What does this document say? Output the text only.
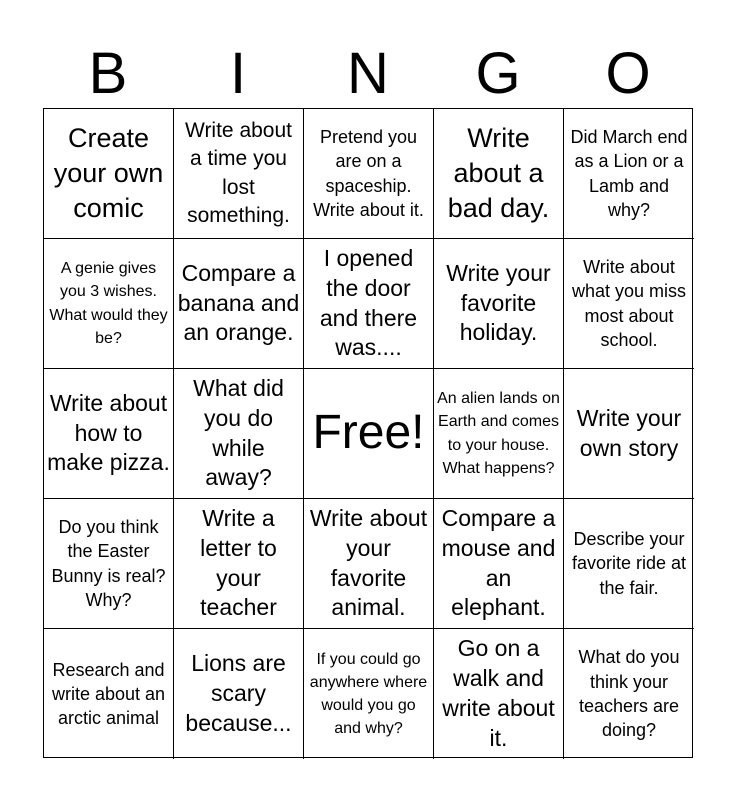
B	I	N	G	O
Create your own comic
Write about a time you lost something.
Pretend you are on a spaceship. Write about it.
Write about a bad day.
Did March end as a Lion or a Lamb and why?
A genie gives you 3 wishes. What would they be?
Compare a banana and an orange.
I opened the door and there was....
Write your favorite holiday.
Write about what you miss most about school.
Write about how to make pizza.
What did you do while away?
Free!
An alien lands on Earth and comes to your house. What happens?
Write your own story
Do you think the Easter Bunny is real? Why?
Write a letter to your teacher
Write about your favorite animal.
Compare a mouse and an elephant.
Describe your favorite ride at the fair.
Research and write about an arctic animal
Lions are scary because...
If you could go anywhere where would you go and why?
Go on a walk and write about it.
What do you think your teachers are doing?
